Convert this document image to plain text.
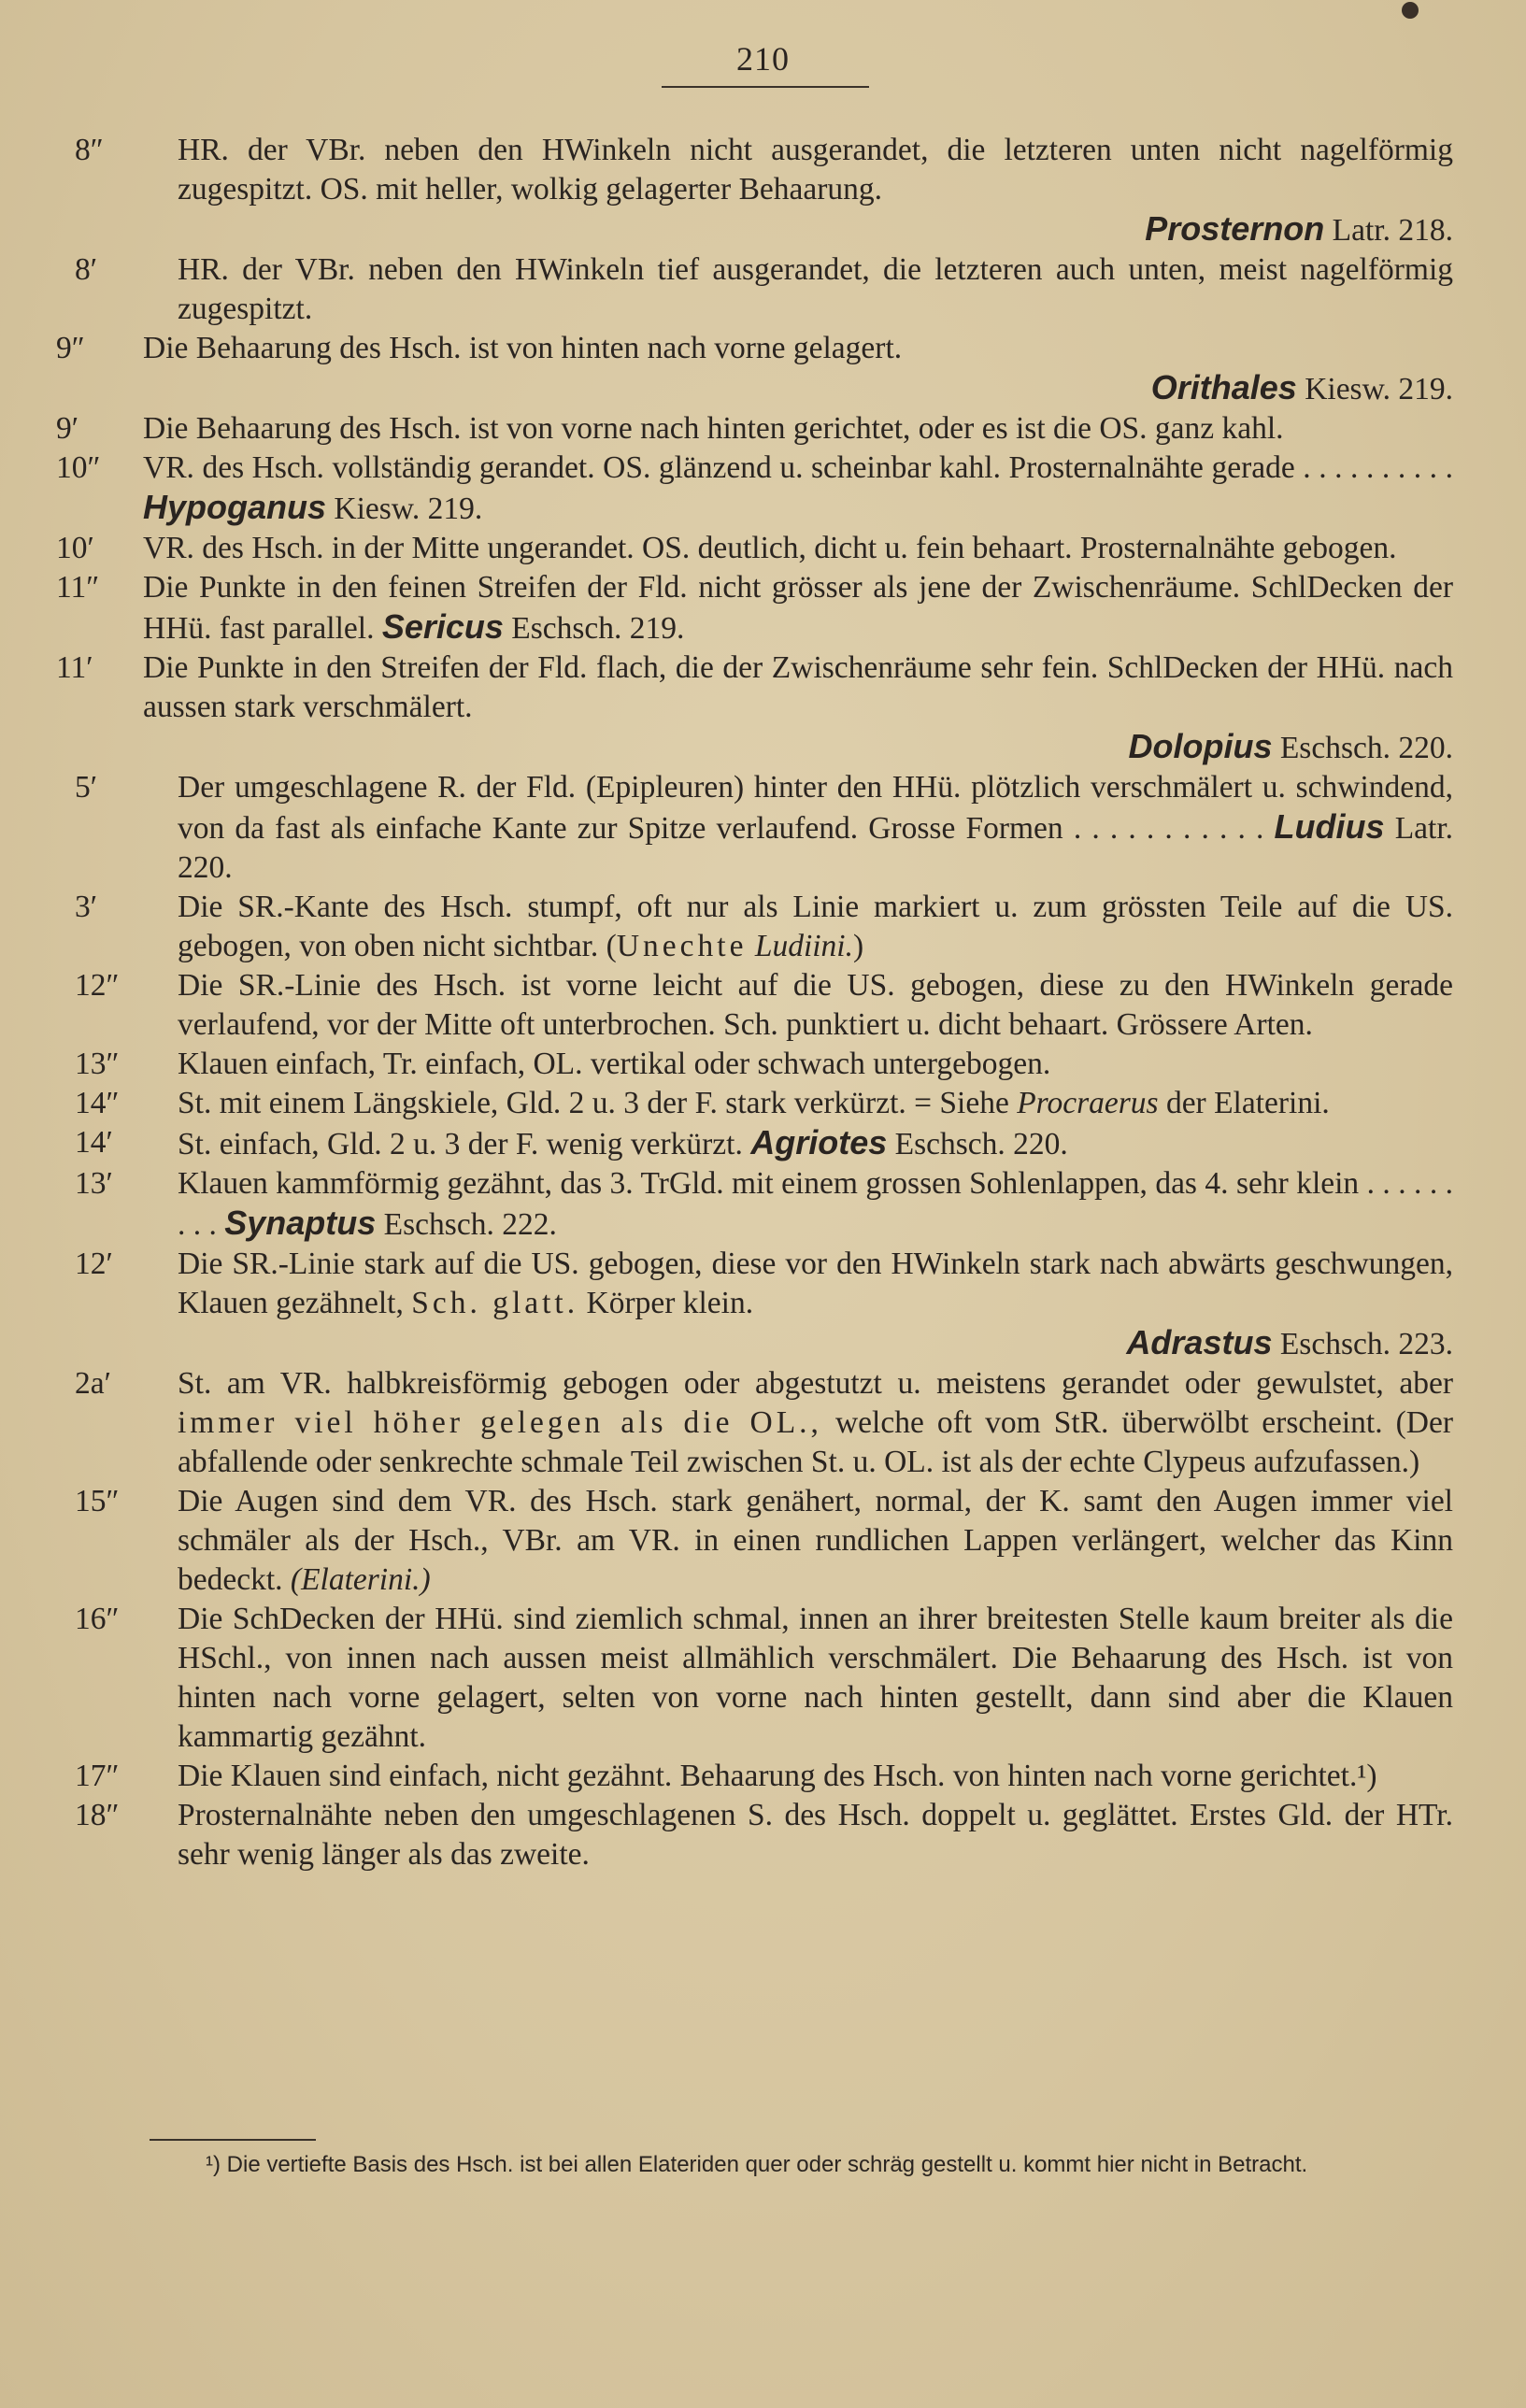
210
8″	HR. der VBr. neben den HWinkeln nicht ausgerandet, die letzteren unten nicht nagelförmig zugespitzt. OS. mit heller, wolkig gelagerter Behaarung.
Prosternon Latr. 218.
8′	HR. der VBr. neben den HWinkeln tief ausgerandet, die letzteren auch unten, meist nagelförmig zugespitzt.
9″	Die Behaarung des Hsch. ist von hinten nach vorne gelagert.
Orithales Kiesw. 219.
9′	Die Behaarung des Hsch. ist von vorne nach hinten gerichtet, oder es ist die OS. ganz kahl.
10″	VR. des Hsch. vollständig gerandet. OS. glänzend u. scheinbar kahl. Prosternalnähte gerade . . . . . . . . . . Hypoganus Kiesw. 219.
10′	VR. des Hsch. in der Mitte ungerandet. OS. deutlich, dicht u. fein behaart. Prosternalnähte gebogen.
11″	Die Punkte in den feinen Streifen der Fld. nicht grösser als jene der Zwischenräume. SchlDecken der HHü. fast parallel. Sericus Eschsch. 219.
11′	Die Punkte in den Streifen der Fld. flach, die der Zwischenräume sehr fein. SchlDecken der HHü. nach aussen stark verschmälert.
Dolopius Eschsch. 220.
5′	Der umgeschlagene R. der Fld. (Epipleuren) hinter den HHü. plötzlich verschmälert u. schwindend, von da fast als einfache Kante zur Spitze verlaufend. Grosse Formen . . . . . . . . . . . Ludius Latr. 220.
3′	Die SR.-Kante des Hsch. stumpf, oft nur als Linie markiert u. zum grössten Teile auf die US. gebogen, von oben nicht sichtbar. (Unechte Ludiini.)
12″	Die SR.-Linie des Hsch. ist vorne leicht auf die US. gebogen, diese zu den HWinkeln gerade verlaufend, vor der Mitte oft unterbrochen. Sch. punktiert u. dicht behaart. Grössere Arten.
13″	Klauen einfach, Tr. einfach, OL. vertikal oder schwach untergebogen.
14″	St. mit einem Längskiele, Gld. 2 u. 3 der F. stark verkürzt. = Siehe Procraerus der Elaterini.
14′	St. einfach, Gld. 2 u. 3 der F. wenig verkürzt. Agriotes Eschsch. 220.
13′	Klauen kammförmig gezähnt, das 3. TrGld. mit einem grossen Sohlenlappen, das 4. sehr klein . . . . . . . . . Synaptus Eschsch. 222.
12′	Die SR.-Linie stark auf die US. gebogen, diese vor den HWinkeln stark nach abwärts geschwungen, Klauen gezähnelt, Sch. glatt. Körper klein.
Adrastus Eschsch. 223.
2a′	St. am VR. halbkreisförmig gebogen oder abgestutzt u. meistens gerandet oder gewulstet, aber immer viel höher gelegen als die OL., welche oft vom StR. überwölbt erscheint. (Der abfallende oder senkrechte schmale Teil zwischen St. u. OL. ist als der echte Clypeus aufzufassen.)
15″	Die Augen sind dem VR. des Hsch. stark genähert, normal, der K. samt den Augen immer viel schmäler als der Hsch., VBr. am VR. in einen rundlichen Lappen verlängert, welcher das Kinn bedeckt. (Elaterini.)
16″	Die SchDecken der HHü. sind ziemlich schmal, innen an ihrer breitesten Stelle kaum breiter als die HSchl., von innen nach aussen meist allmählich verschmälert. Die Behaarung des Hsch. ist von hinten nach vorne gelagert, selten von vorne nach hinten gestellt, dann sind aber die Klauen kammartig gezähnt.
17″	Die Klauen sind einfach, nicht gezähnt. Behaarung des Hsch. von hinten nach vorne gerichtet.¹)
18″	Prosternalnähte neben den umgeschlagenen S. des Hsch. doppelt u. geglättet. Erstes Gld. der HTr. sehr wenig länger als das zweite.
¹) Die vertiefte Basis des Hsch. ist bei allen Elateriden quer oder schräg gestellt u. kommt hier nicht in Betracht.
